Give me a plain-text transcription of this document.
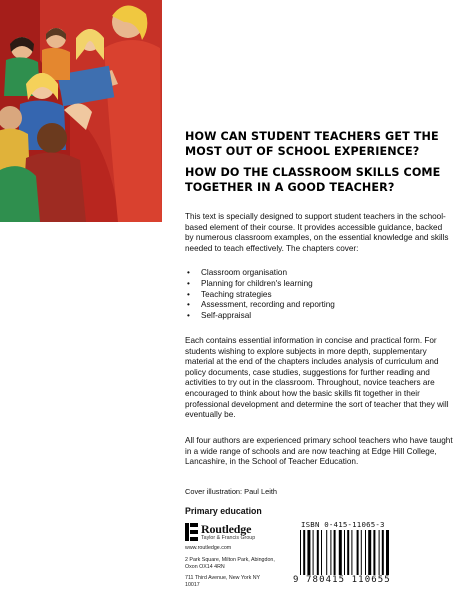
HOW CAN STUDENT TEACHERS GET THE MOST OUT OF SCHOOL EXPERIENCE?

HOW DO THE CLASSROOM SKILLS COME TOGETHER IN A GOOD TEACHER?

This text is specially designed to support student teachers in the school-based element of their course. It provides accessible guidance, backed by numerous classroom examples, on the essential knowledge and skills needed to teach effectively. The chapters cover:

• Classroom organisation
• Planning for children's learning
• Teaching strategies
• Assessment, recording and reporting
• Self-appraisal

Each contains essential information in concise and practical form. For students wishing to explore subjects in more depth, supplementary material at the end of the chapters includes analysis of curriculum and policy documents, case studies, suggestions for further reading and activities to try out in the classroom. Throughout, novice teachers are encouraged to think about how the basic skills fit together in their professional development and determine the sort of teacher that they will eventually be.

All four authors are experienced primary school teachers who have taught in a wide range of schools and are now teaching at Edge Hill College, Lancashire, in the School of Teacher Education.

Cover illustration: Paul Leith
Primary education
Routledge
Taylor & Francis Group
www.routledge.com
2 Park Square, Milton Park, Abingdon, Oxon OX14 4RN
711 Third Avenue, New York NY 10017
ISBN 0-415-11065-3
9 780415 110655
